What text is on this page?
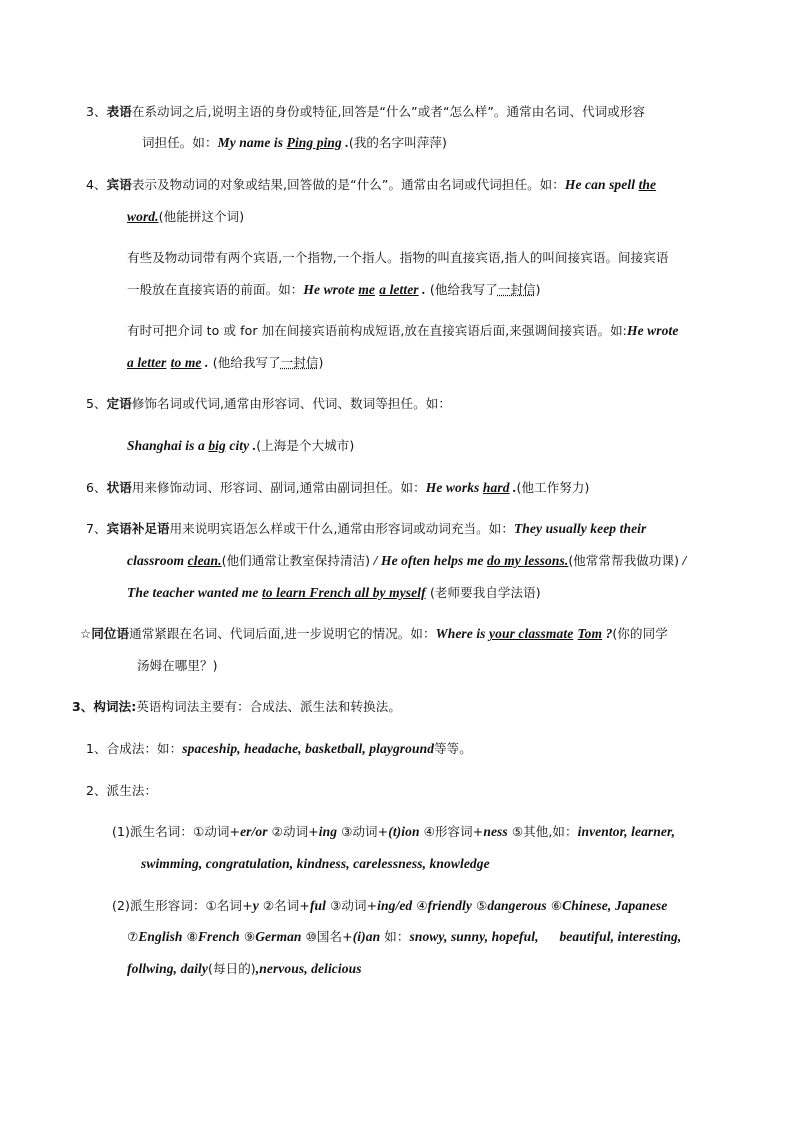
3、表语在系动词之后,说明主语的身份或特征,回答是“什么”或者“怎么样”。通常由名词、代词或形容
词担任。如：My name is Ping ping .(我的名字叫萍萍)
4、宾语表示及物动词的对象或结果,回答做的是“什么”。通常由名词或代词担任。如：He can spell the
word.(他能拼这个词)
有些及物动词带有两个宾语,一个指物,一个指人。指物的叫直接宾语,指人的叫间接宾语。间接宾语
一般放在直接宾语的前面。如：He wrote me a letter . (他给我写了一封信)
有时可把介词 to 或 for 加在间接宾语前构成短语,放在直接宾语后面,来强调间接宾语。如:He wrote
a letter to me . (他给我写了一封信)
5、定语修饰名词或代词,通常由形容词、代词、数词等担任。如：
Shanghai is a big city .(上海是个大城市)
6、状语用来修饰动词、形容词、副词,通常由副词担任。如：He works hard .(他工作努力)
7、宾语补足语用来说明宾语怎么样或干什么,通常由形容词或动词充当。如：They usually keep their
classroom clean.(他们通常让教室保持清洁) / He often helps me do my lessons.(他常常帮我做功课) /
The teacher wanted me to learn French all by myself (老师要我自学法语)
☆同位语通常紧跟在名词、代词后面,进一步说明它的情况。如：Where is your classmate Tom ?(你的同学
汤姆在哪里？)
3、构词法:英语构词法主要有：合成法、派生法和转换法。
1、合成法：如：spaceship, headache, basketball, playground等等。
2、派生法：
(1)派生名词：①动词+er/or ②动词+ing ③动词+(t)ion ④形容词+ness ⑤其他,如：inventor, learner,
swimming, congratulation, kindness, carelessness, knowledge
(2)派生形容词：①名词+y ②名词+ful ③动词+ing/ed ④friendly ⑤dangerous ⑥Chinese, Japanese
⑦English ⑧French ⑨German ⑩国名+(i)an 如：snowy, sunny, hopeful,      beautiful, interesting,
follwing, daily(每日的),nervous, delicious
